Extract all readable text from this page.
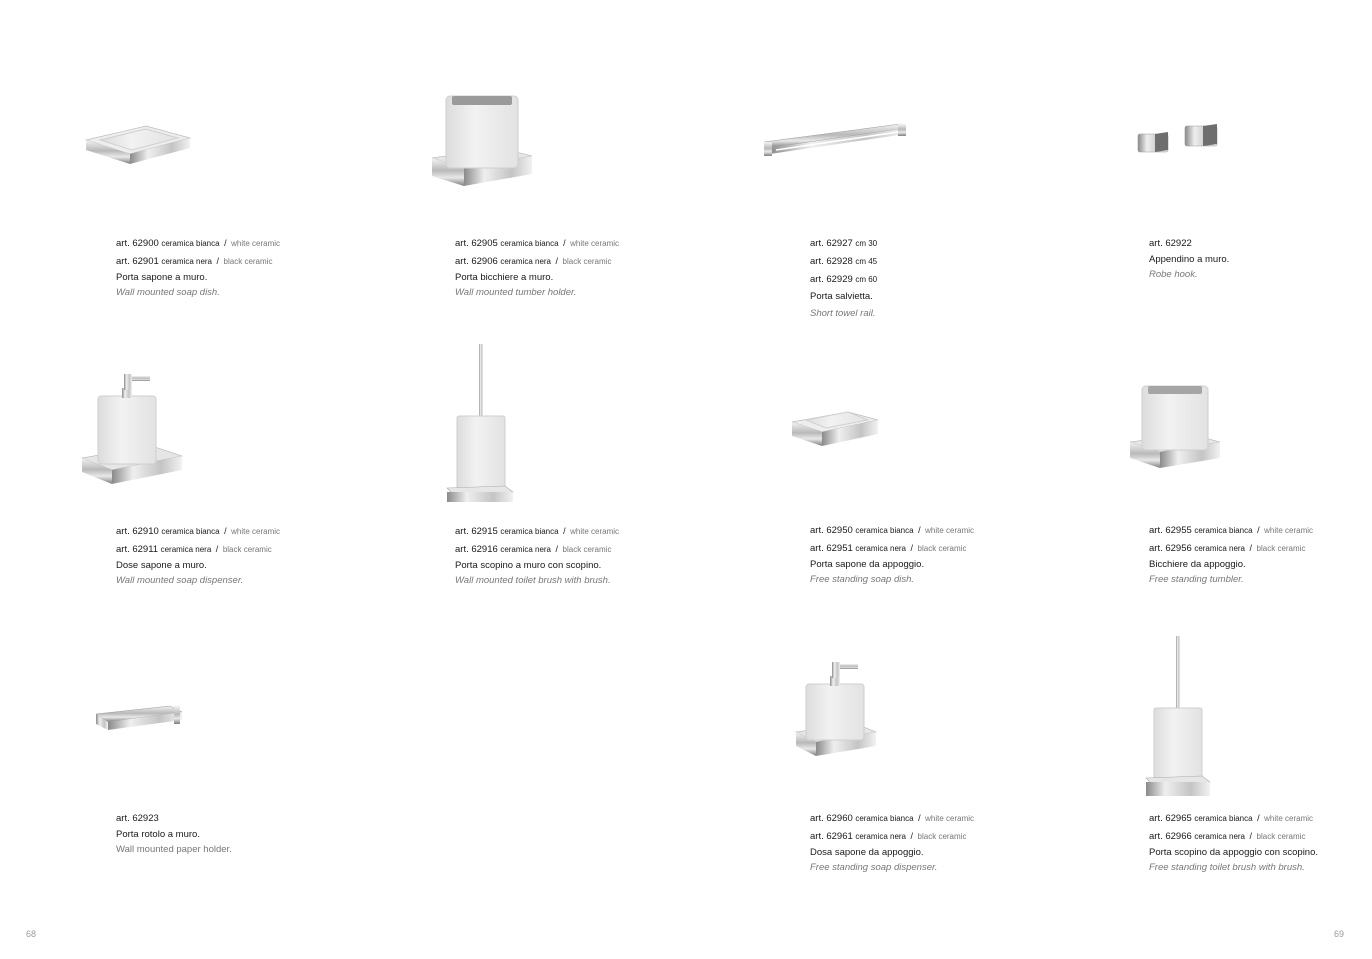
art. 62900 ceramica bianca / white ceramic
art. 62901 ceramica nera / black ceramic
Porta sapone a muro.
Wall mounted soap dish.
art. 62905 ceramica bianca / white ceramic
art. 62906 ceramica nera / black ceramic
Porta bicchiere a muro.
Wall mounted tumber holder.
art. 62927 cm 30
art. 62928 cm 45
art. 62929 cm 60
Porta salvietta.
Short towel rail.
art. 62922
Appendino a muro.
Robe hook.
art. 62910 ceramica bianca / white ceramic
art. 62911 ceramica nera / black ceramic
Dose sapone a muro.
Wall mounted soap dispenser.
art. 62915 ceramica bianca / white ceramic
art. 62916 ceramica nera / black ceramic
Porta scopino a muro con scopino.
Wall mounted toilet brush with brush.
art. 62950 ceramica bianca / white ceramic
art. 62951 ceramica nera / black ceramic
Porta sapone da appoggio.
Free standing soap dish.
art. 62955 ceramica bianca / white ceramic
art. 62956 ceramica nera / black ceramic
Bicchiere da appoggio.
Free standing tumbler.
art. 62923
Porta rotolo a muro.
Wall mounted paper holder.
art. 62960 ceramica bianca / white ceramic
art. 62961 ceramica nera / black ceramic
Dosa sapone da appoggio.
Free standing soap dispenser.
art. 62965 ceramica bianca / white ceramic
art. 62966 ceramica nera / black ceramic
Porta scopino da appoggio con scopino.
Free standing toilet brush with brush.
68	69
